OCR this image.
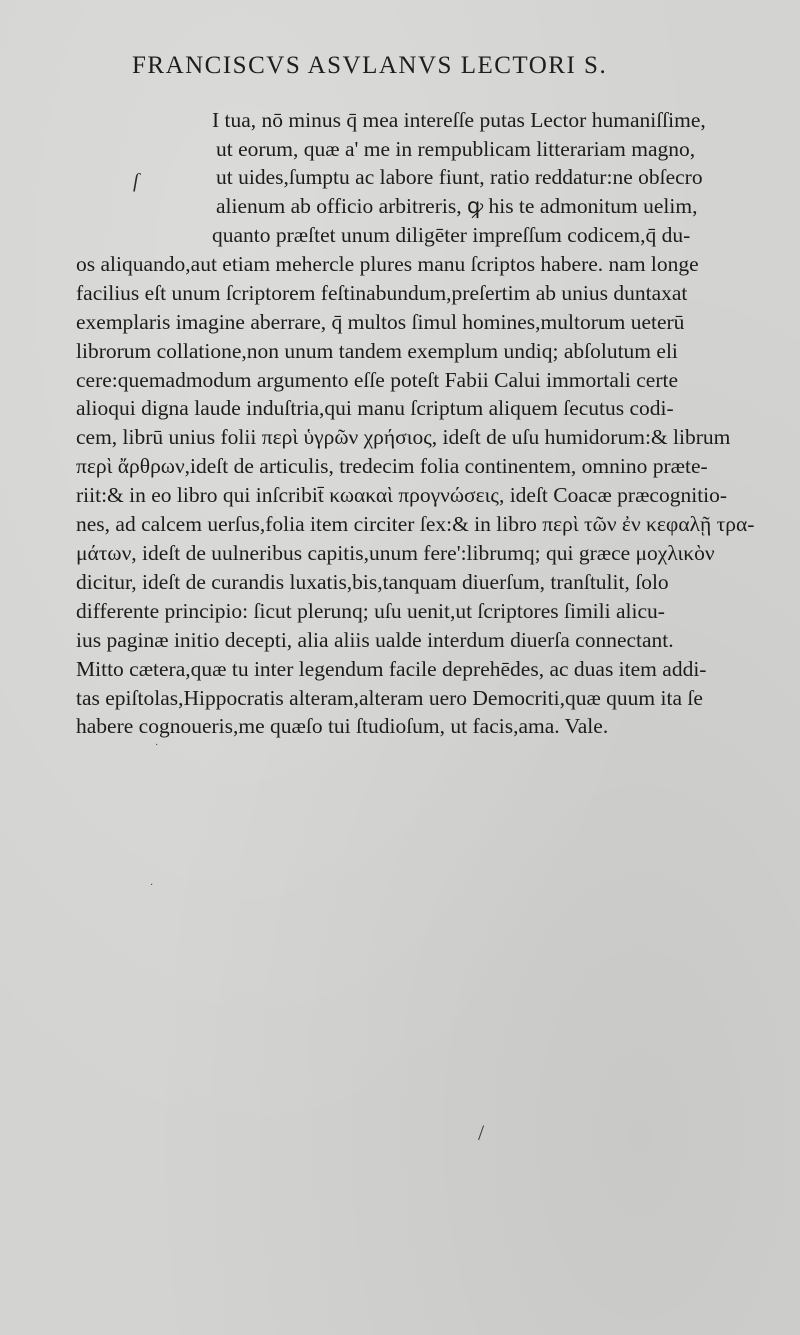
FRANCISCVS ASVLANVS LECTORI S.
ſ

I tua, nō minus q̄ mea intereſſe putas Lector humaniſſime,

ut eorum, quæ a' me in rempublicam litterariam magno,

ut uides,ſumptu ac labore fiunt, ratio reddatur:ne obſecro

alienum ab officio arbitreris, ꝙ his te admonitum uelim,

quanto præſtet unum diligēter impreſſum codicem,q̄ du-

os aliquando,aut etiam mehercle plures manu ſcriptos habere. nam longe

facilius eſt unum ſcriptorem feſtinabundum,preſertim ab unius duntaxat

exemplaris imagine aberrare, q̄ multos ſimul homines,multorum ueterū

librorum collatione,non unum tandem exemplum undiq; abſolutum eli

cere:quemadmodum argumento eſſe poteſt Fabii Calui immortali certe

alioqui digna laude induſtria,qui manu ſcriptum aliquem ſecutus codi-

cem, librū unius folii περὶ ὑγρῶν χρήσιος, ideſt de uſu humidorum:& librum

περὶ ἄρθρων,ideſt de articulis, tredecim folia continentem, omnino præte-

riit:& in eo libro qui inſcribit̄ κωακαὶ προγνώσεις, ideſt Coacæ præcognitio-

nes, ad calcem uerſus,folia item circiter ſex:& in libro περὶ τῶν ἐν κεφαλῇ τρα-

μάτων, ideſt de uulneribus capitis,unum fere':librumq; qui græce μοχλικὸν

dicitur, ideſt de curandis luxatis,bis,tanquam diuerſum, tranſtulit, ſolo

differente principio: ſicut plerunq; uſu uenit,ut ſcriptores ſimili alicu-

ius paginæ initio decepti, alia aliis ualde interdum diuerſa connectant.

Mitto cætera,quæ tu inter legendum facile deprehēdes, ac duas item addi-

tas epiſtolas,Hippocratis alteram,alteram uero Democriti,quæ quum ita ſe

habere cognoueris,me quæſo tui ſtudioſum, ut facis,ama. Vale.

·
·
/
